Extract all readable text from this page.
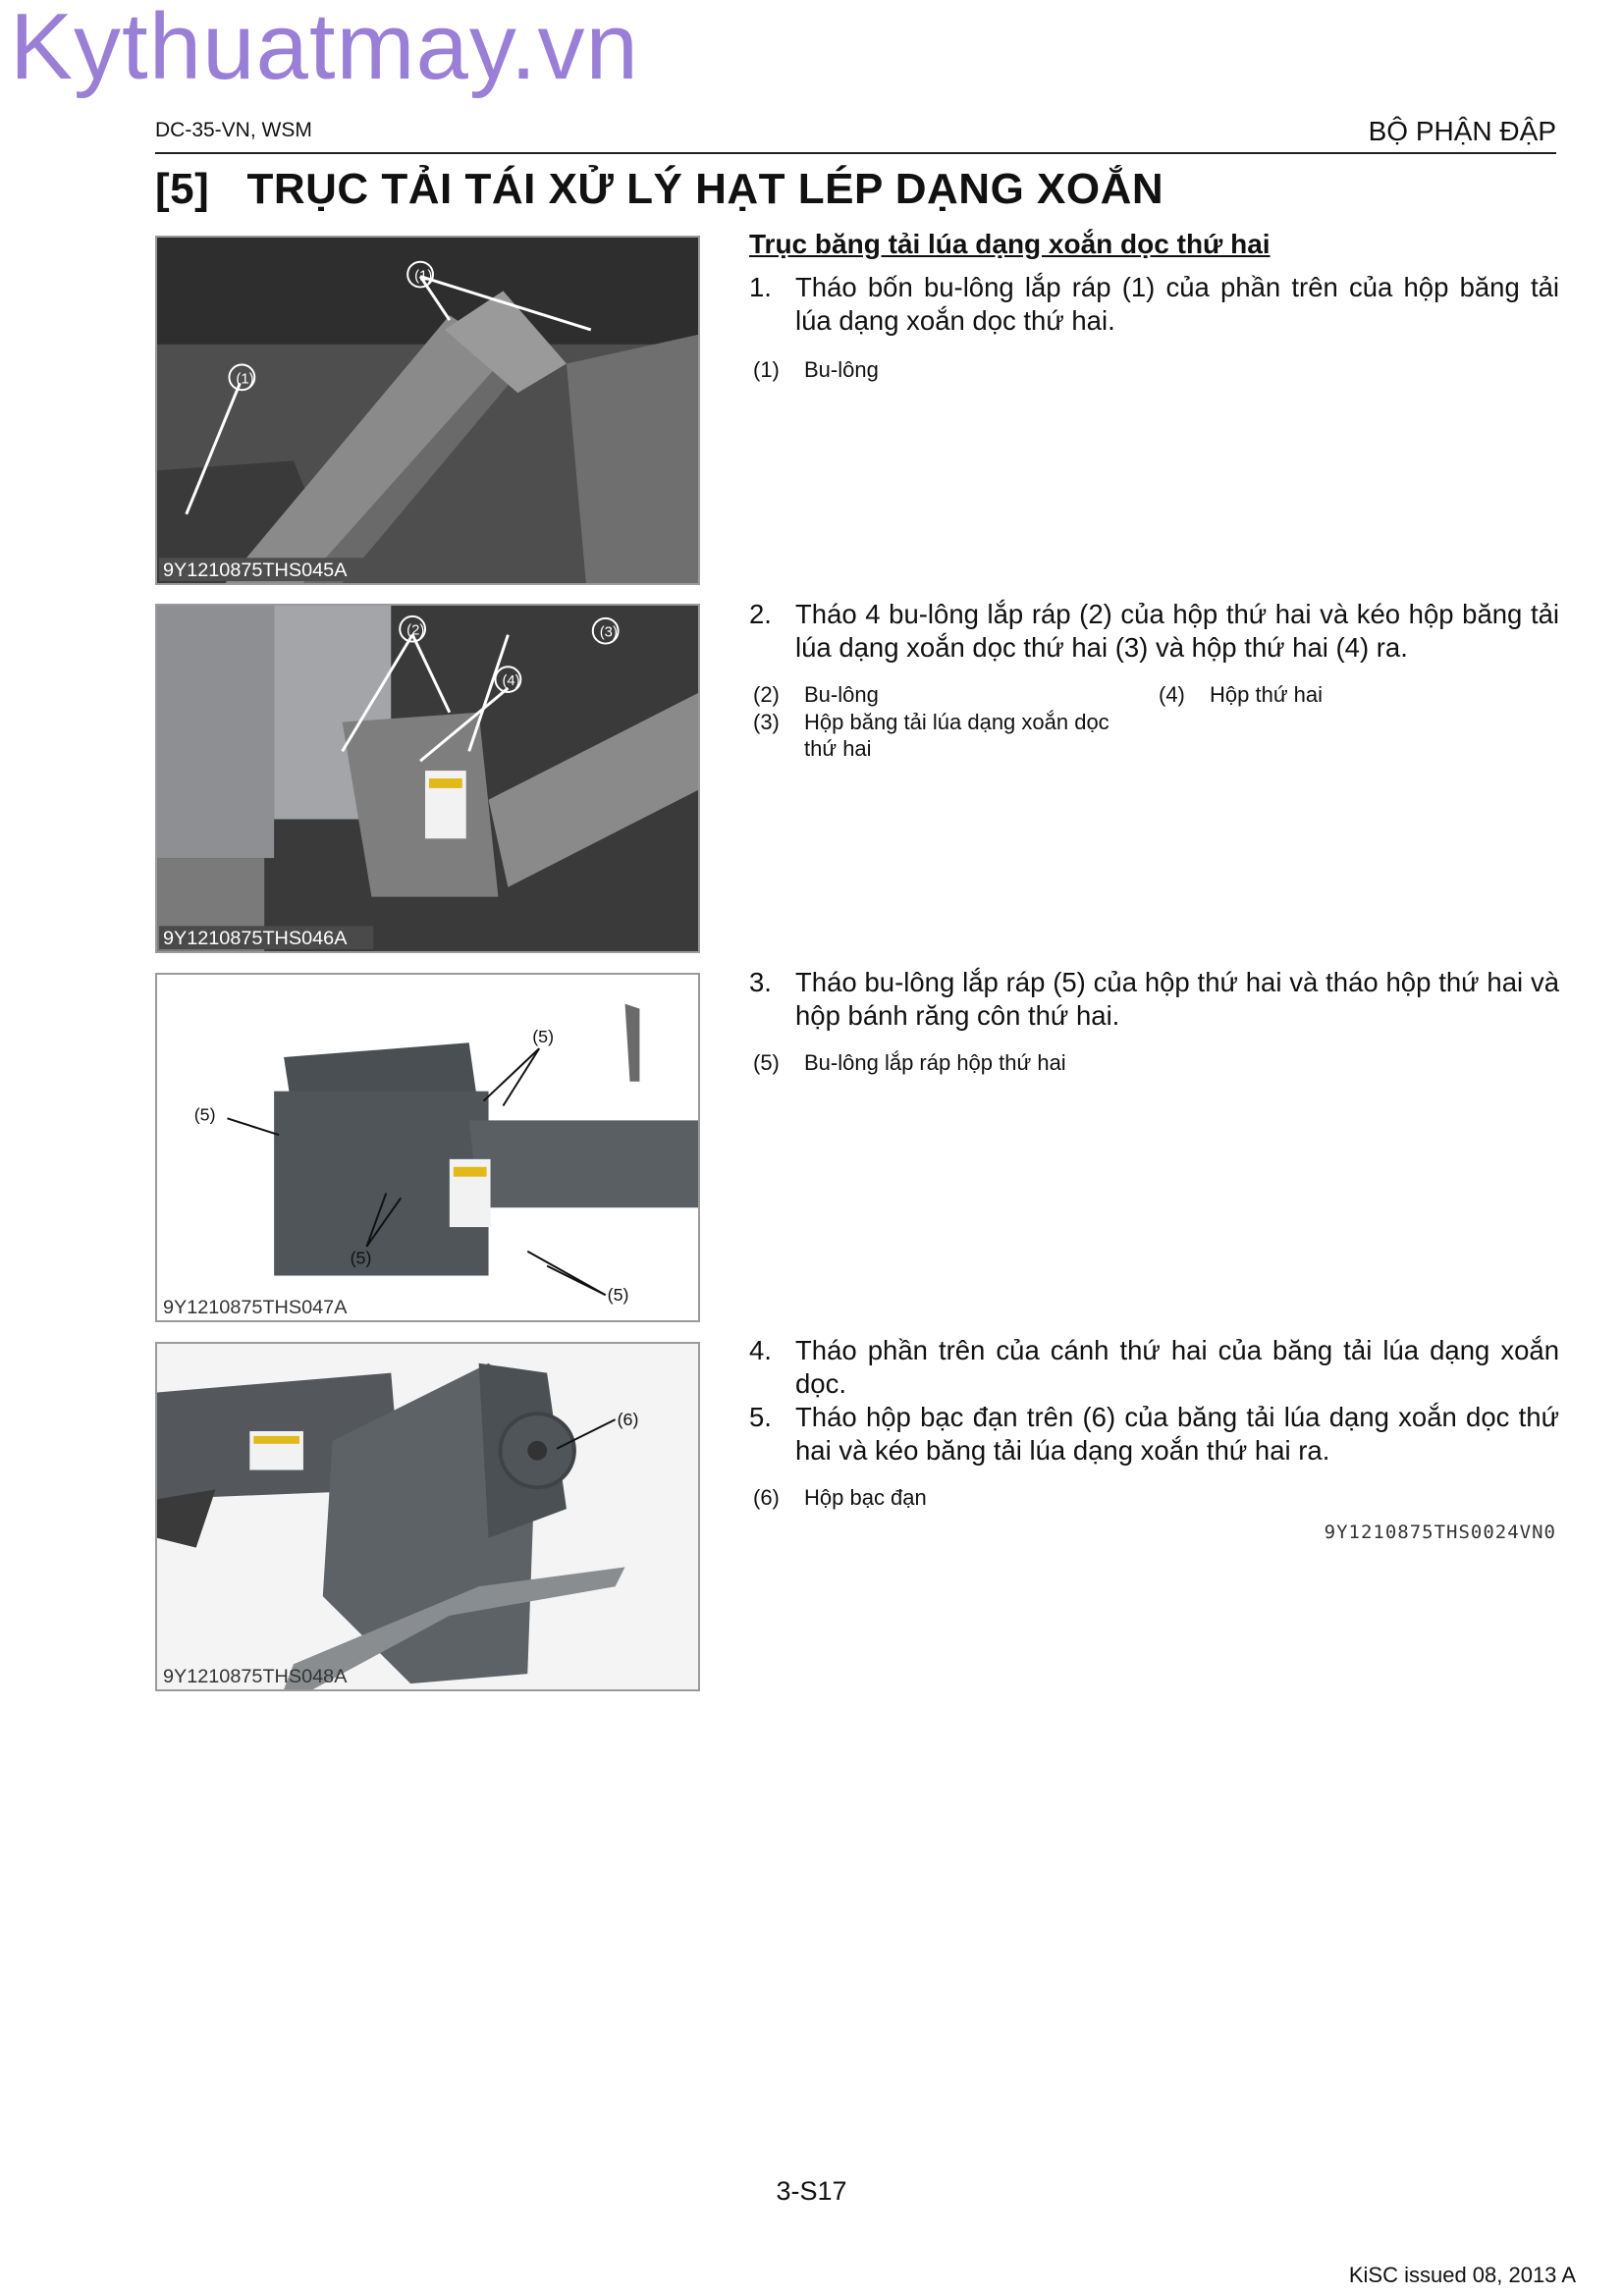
Kythuatmay.vn
DC-35-VN, WSM	BỘ PHẬN ĐẬP
[5]   TRỤC TẢI TÁI XỬ LÝ HẠT LÉP DẠNG XOẮN
Trục băng tải lúa dạng xoắn dọc thứ hai
(1)
(1)
9Y1210875THS045A
(2)	(3)
(4)
9Y1210875THS046A
(5)
(5)
(5)
(5)
9Y1210875THS047A
(6)
9Y1210875THS048A
1. Tháo bốn bu-lông lắp ráp (1) của phần trên của hộp băng tải lúa dạng xoắn dọc thứ hai.
(1) Bu-lông
2. Tháo 4 bu-lông lắp ráp (2) của hộp thứ hai và kéo hộp băng tải lúa dạng xoắn dọc thứ hai (3) và hộp thứ hai (4) ra.
(2) Bu-lông
(3) Hộp băng tải lúa dạng xoắn dọc thứ hai
(4) Hộp thứ hai
3. Tháo bu-lông lắp ráp (5) của hộp thứ hai và tháo hộp thứ hai và hộp bánh răng côn thứ hai.
(5) Bu-lông lắp ráp hộp thứ hai
4. Tháo phần trên của cánh thứ hai của băng tải lúa dạng xoắn dọc.
5. Tháo hộp bạc đạn trên (6) của băng tải lúa dạng xoắn dọc thứ hai và kéo băng tải lúa dạng xoắn thứ hai ra.
(6) Hộp bạc đạn
9Y1210875THS0024VN0
3-S17
KiSC issued 08, 2013 A
